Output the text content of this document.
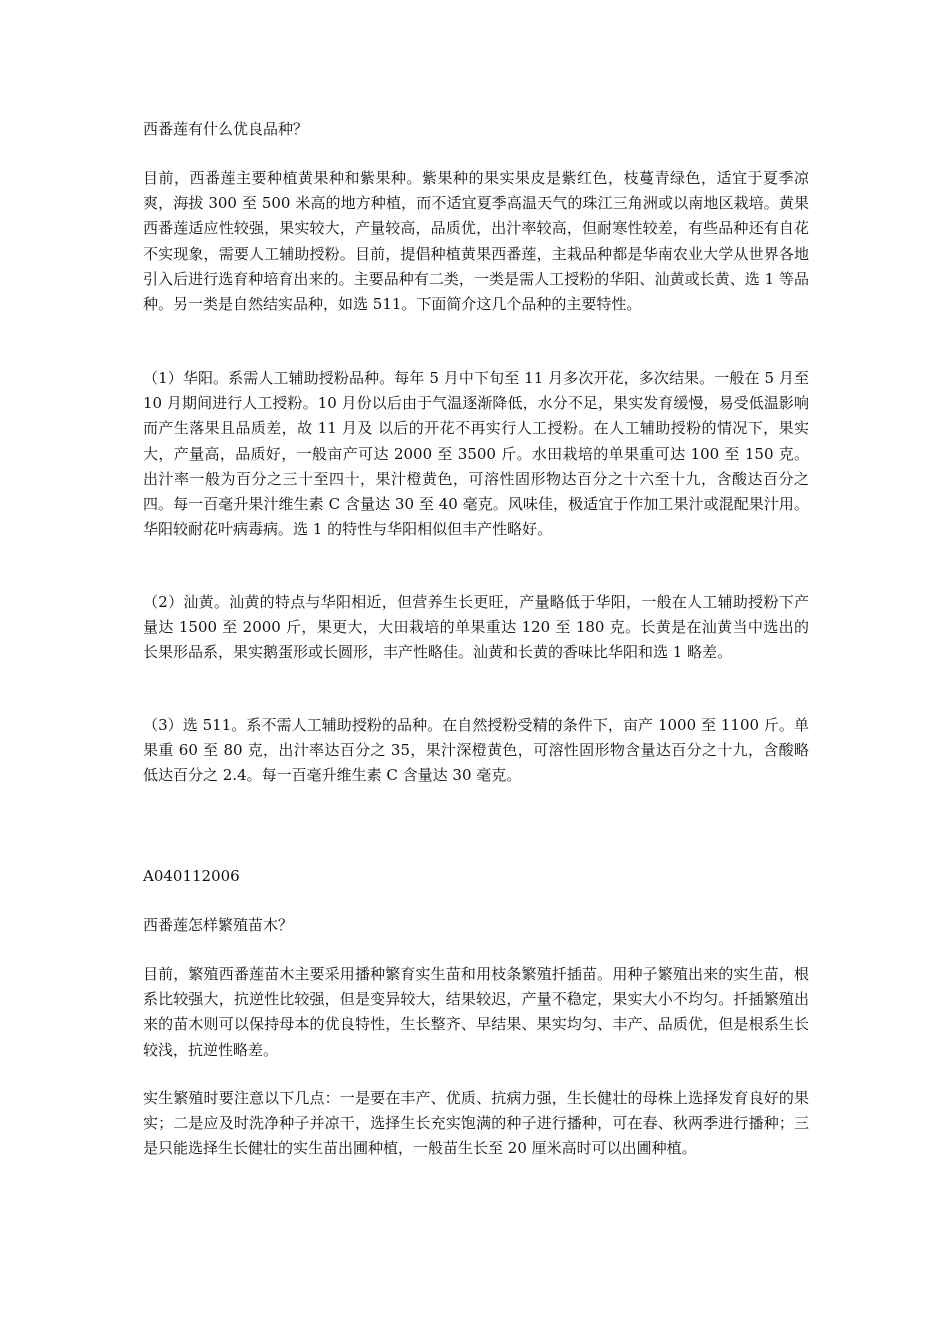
西番莲有什么优良品种？

目前，西番莲主要种植黄果种和紫果种。紫果种的果实果皮是紫红色，枝蔓青绿色，适宜于夏季凉爽，海拔 300 至 500 米高的地方种植，而不适宜夏季高温天气的珠江三角洲或以南地区栽培。黄果西番莲适应性较强，果实较大，产量较高，品质优，出汁率较高，但耐寒性较差，有些品种还有自花不实现象，需要人工辅助授粉。目前，提倡种植黄果西番莲，主栽品种都是华南农业大学从世界各地引入后进行选育种培育出来的。主要品种有二类，一类是需人工授粉的华阳、汕黄或长黄、选 1 等品种。另一类是自然结实品种，如选 511。下面简介这几个品种的主要特性。

（1）华阳。系需人工辅助授粉品种。每年 5 月中下旬至 11 月多次开花，多次结果。一般在 5 月至 10 月期间进行人工授粉。10 月份以后由于气温逐渐降低，水分不足，果实发育缓慢，易受低温影响而产生落果且品质差，故 11 月及 以后的开花不再实行人工授粉。在人工辅助授粉的情况下，果实大，产量高，品质好，一般亩产可达 2000 至 3500 斤。水田栽培的单果重可达 100 至 150 克。出汁率一般为百分之三十至四十，果汁橙黄色，可溶性固形物达百分之十六至十九，含酸达百分之四。每一百毫升果汁维生素 C 含量达 30 至 40 毫克。风味佳，极适宜于作加工果汁或混配果汁用。华阳较耐花叶病毒病。选 1 的特性与华阳相似但丰产性略好。

（2）汕黄。汕黄的特点与华阳相近，但营养生长更旺，产量略低于华阳，一般在人工辅助授粉下产量达 1500 至 2000 斤，果更大，大田栽培的单果重达 120 至 180 克。长黄是在汕黄当中选出的长果形品系，果实鹅蛋形或长圆形，丰产性略佳。汕黄和长黄的香味比华阳和选 1 略差。

（3）选 511。系不需人工辅助授粉的品种。在自然授粉受精的条件下，亩产 1000 至 1100 斤。单果重 60 至 80 克，出汁率达百分之 35，果汁深橙黄色，可溶性固形物含量达百分之十九，含酸略低达百分之 2.4。每一百毫升维生素 C 含量达 30 毫克。

A040112006

西番莲怎样繁殖苗木？

目前，繁殖西番莲苗木主要采用播种繁育实生苗和用枝条繁殖扦插苗。用种子繁殖出来的实生苗，根系比较强大，抗逆性比较强，但是变异较大，结果较迟，产量不稳定，果实大小不均匀。扦插繁殖出来的苗木则可以保持母本的优良特性，生长整齐、早结果、果实均匀、丰产、品质优，但是根系生长较浅，抗逆性略差。

实生繁殖时要注意以下几点：一是要在丰产、优质、抗病力强，生长健壮的母株上选择发育良好的果实；二是应及时洗净种子并凉干，选择生长充实饱满的种子进行播种，可在春、秋两季进行播种；三是只能选择生长健壮的实生苗出圃种植，一般苗生长至 20 厘米高时可以出圃种植。
